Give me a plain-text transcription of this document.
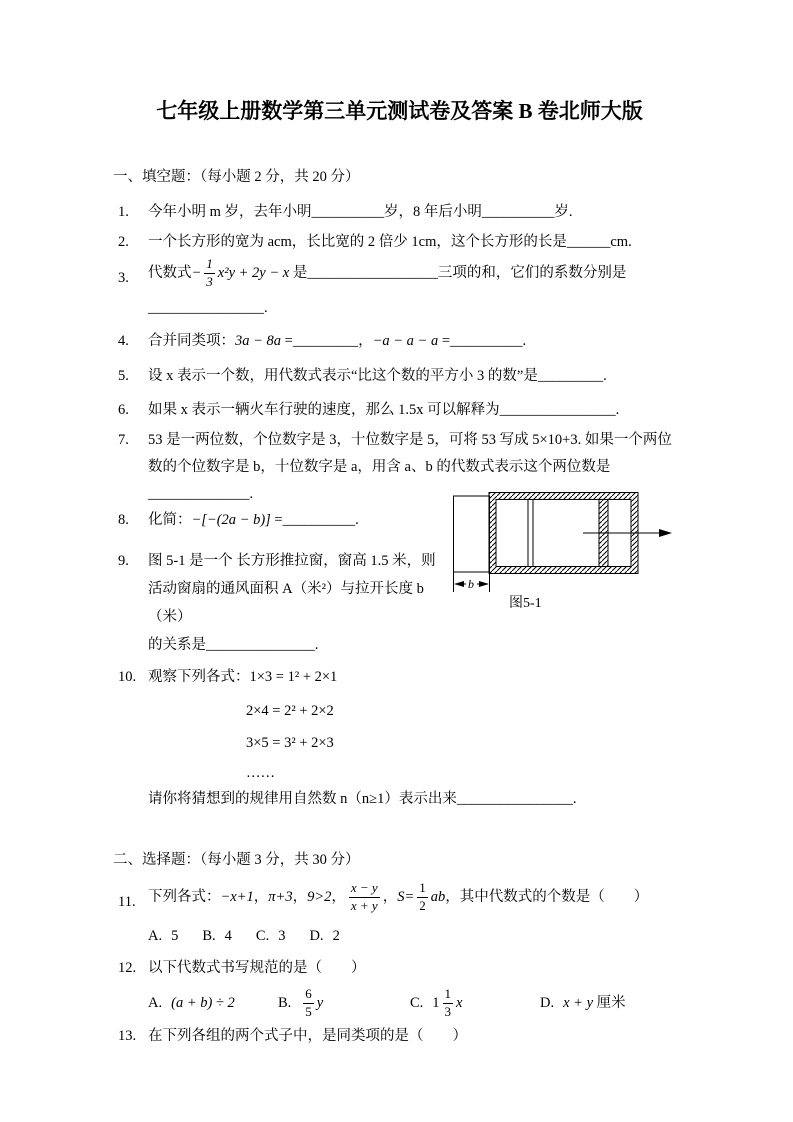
七年级上册数学第三单元测试卷及答案 B 卷北师大版
一、填空题：（每小题 2 分，共 20 分）
1.	今年小明 m 岁，去年小明__________岁，8 年后小明__________岁.
2.	一个长方形的宽为 acm，长比宽的 2 倍少 1cm，这个长方形的长是______cm.
3.	代数式− $\frac{1}{3} x^2y + 2y - x$ 是__________________三项的和，它们的系数分别是
________________.
4.	合并同类项：3a − 8a =_________，−a − a − a =__________.
5.	设 x 表示一个数，用代数式表示“比这个数的平方小 3 的数”是_________.
6.	如果 x 表示一辆火车行驶的速度，那么 1.5x 可以解释为________________.
7.	53 是一两位数，个位数字是 3，十位数字是 5，可将 53 写成 5×10+3. 如果一个两位数的个位数字是 b，十位数字是 a，用含 a、b 的代数式表示这个两位数是______________.
8.	化简：−[−(2a − b)] =__________.
9.	图 5-1 是一个 长方形推拉窗，窗高 1.5 米，则
活动窗扇的通风面积 A（米²）与拉开长度 b（米）
的关系是_______________.
b
图5-1
10. 观察下列各式： 1×3 = 1² + 2×1
2×4 = 2² + 2×2
3×5 = 3² + 2×3
……
请你将猜想到的规律用自然数 n（n≥1）表示出来________________.
二、选择题：（每小题 3 分，共 30 分）
11. 下列各式：−x+1，π+3，9>2， $\frac{x - y}{x + y}$ ，$S= \frac{1}{2}$ ab，其中代数式的个数是（　　）
A. 5 B. 4 C. 3 D. 2
12. 以下代数式书写规范的是（　　）
A. (a + b) ÷ 2	B. $\frac{6}{5}$ y	C. $1 \frac{1}{3}$ x	D. x + y 厘米
13. 在下列各组的两个式子中，是同类项的是（　　）
